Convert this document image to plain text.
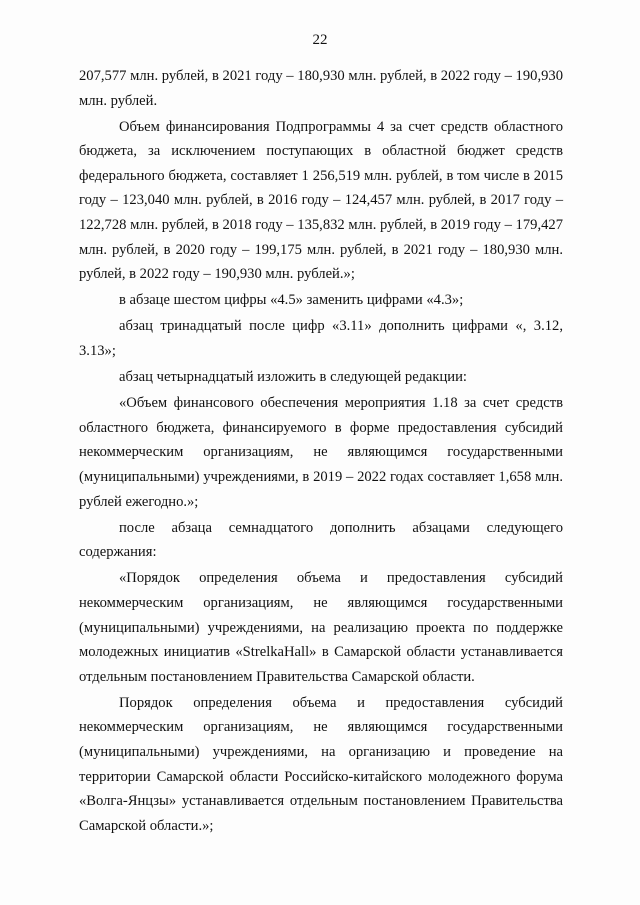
22

207,577 млн. рублей, в 2021 году – 180,930 млн. рублей, в 2022 году – 190,930 млн. рублей.

Объем финансирования Подпрограммы 4 за счет средств областного бюджета, за исключением поступающих в областной бюджет средств федерального бюджета, составляет 1 256,519 млн. рублей, в том числе в 2015 году – 123,040 млн. рублей, в 2016 году – 124,457 млн. рублей, в 2017 году – 122,728 млн. рублей, в 2018 году – 135,832 млн. рублей, в 2019 году – 179,427 млн. рублей, в 2020 году – 199,175 млн. рублей, в 2021 году – 180,930 млн. рублей, в 2022 году – 190,930 млн. рублей.»;

в абзаце шестом цифры «4.5» заменить цифрами «4.3»;

абзац тринадцатый после цифр «3.11» дополнить цифрами «, 3.12, 3.13»;

абзац четырнадцатый изложить в следующей редакции:

«Объем финансового обеспечения мероприятия 1.18 за счет средств областного бюджета, финансируемого в форме предоставления субсидий некоммерческим организациям, не являющимся государственными (муниципальными) учреждениями, в 2019 – 2022 годах составляет 1,658 млн. рублей ежегодно.»;

после абзаца семнадцатого дополнить абзацами следующего содержания:

«Порядок определения объема и предоставления субсидий некоммерческим организациям, не являющимся государственными (муниципальными) учреждениями, на реализацию проекта по поддержке молодежных инициатив «StrelkaHall» в Самарской области устанавливается отдельным постановлением Правительства Самарской области.

Порядок определения объема и предоставления субсидий некоммерческим организациям, не являющимся государственными (муниципальными) учреждениями, на организацию и проведение на территории Самарской области Российско-китайского молодежного форума «Волга-Янцзы» устанавливается отдельным постановлением Правительства Самарской области.»;
